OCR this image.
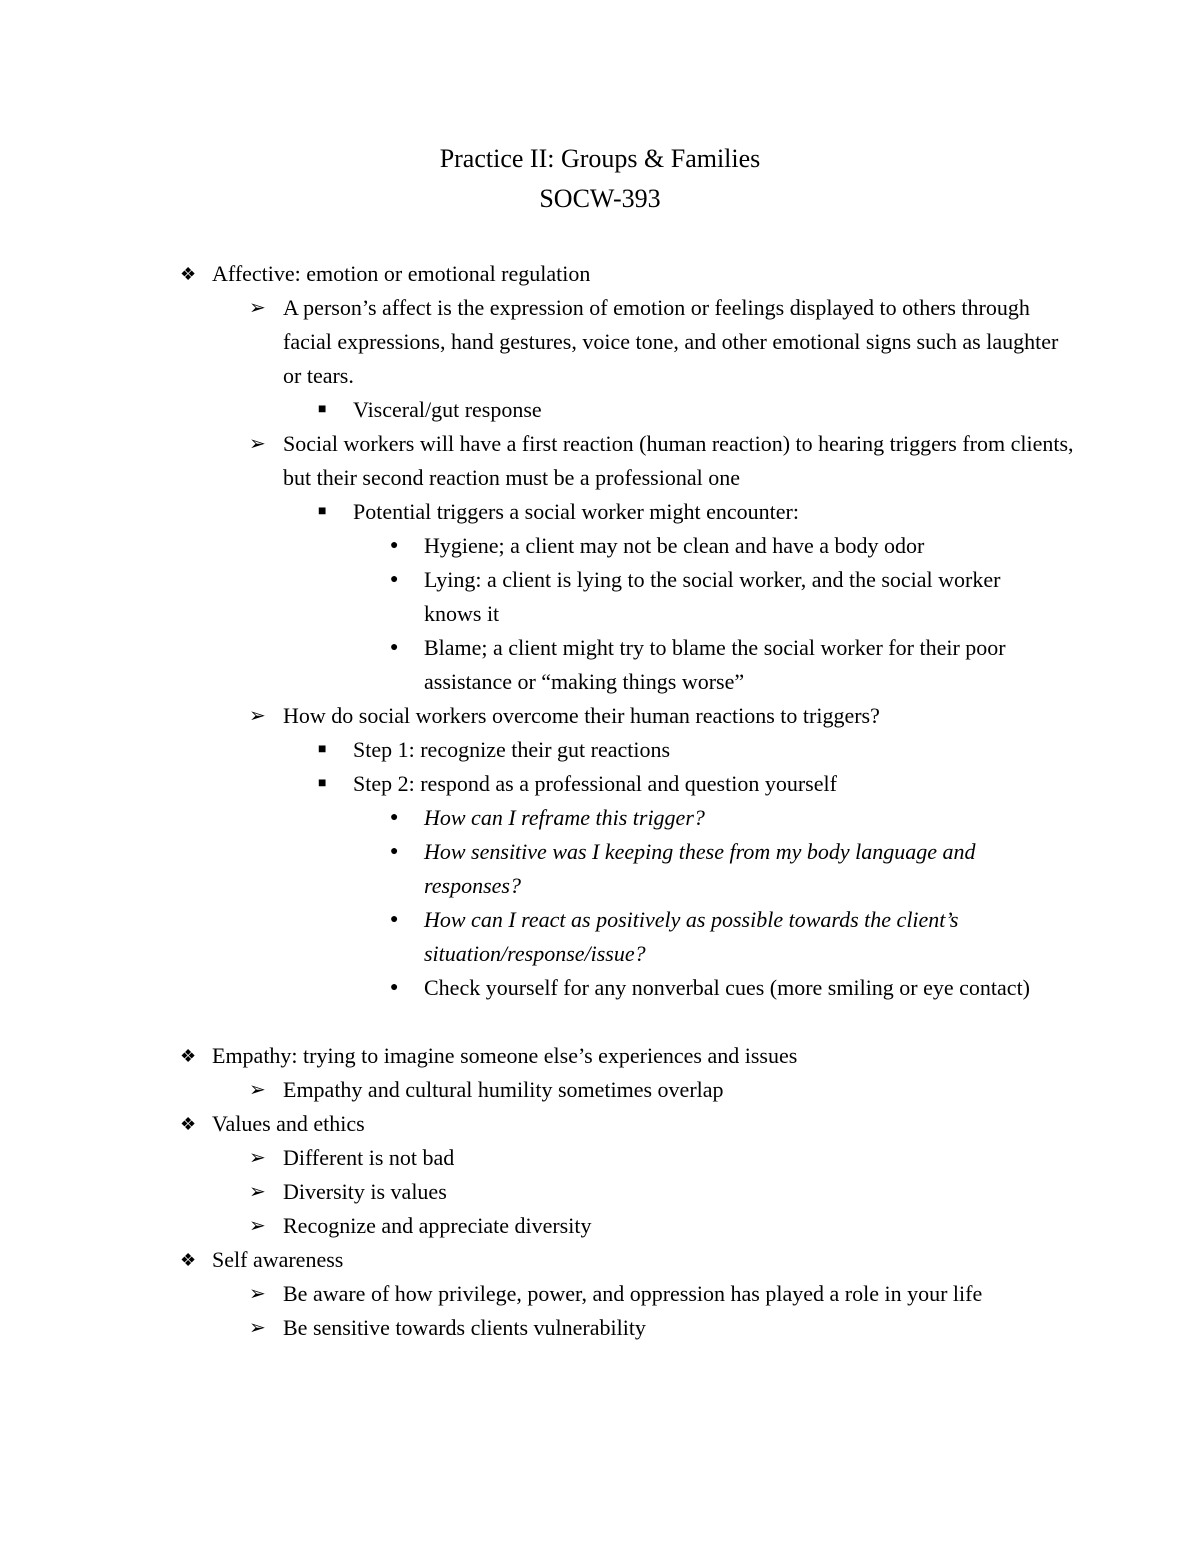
Practice II: Groups & Families
SOCW-393
❖ Affective: emotion or emotional regulation
➢ A person’s affect is the expression of emotion or feelings displayed to others through facial expressions, hand gestures, voice tone, and other emotional signs such as laughter or tears.
■	Visceral/gut response
➢ Social workers will have a first reaction (human reaction) to hearing triggers from clients, but their second reaction must be a professional one
■	Potential triggers a social worker might encounter:
●	Hygiene; a client may not be clean and have a body odor
●	Lying: a client is lying to the social worker, and the social worker knows it
●	Blame; a client might try to blame the social worker for their poor assistance or “making things worse”
➢ How do social workers overcome their human reactions to triggers?
■	Step 1: recognize their gut reactions
■	Step 2: respond as a professional and question yourself
●	How can I reframe this trigger?
●	How sensitive was I keeping these from my body language and responses?
●	How can I react as positively as possible towards the client’s situation/response/issue?
●	Check yourself for any nonverbal cues (more smiling or eye contact)
❖ Empathy: trying to imagine someone else’s experiences and issues
➢ Empathy and cultural humility sometimes overlap
❖ Values and ethics
➢ Different is not bad
➢ Diversity is values
➢ Recognize and appreciate diversity
❖ Self awareness
➢ Be aware of how privilege, power, and oppression has played a role in your life
➢ Be sensitive towards clients vulnerability
